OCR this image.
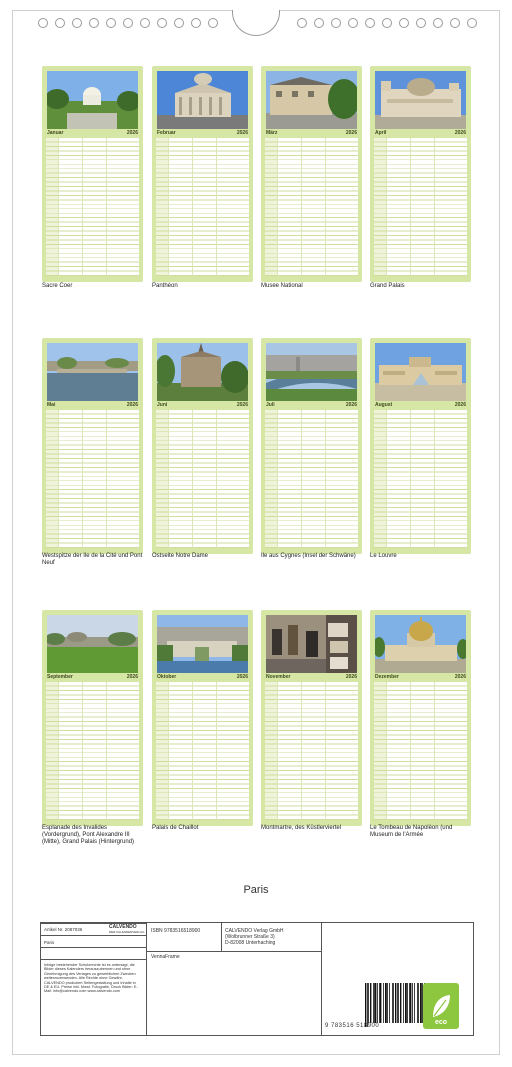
Januar	2026
Sacre Coer
Februar	2026
Panthéon
März	2026
Musee National
April	2026
Grand Palais
Mai	2026
Westspitze der Ile de la Cité und Pont Neuf
Juni	2026
Ostseite Notre Dame
Juli	2026
Ile aus Cygnes (Insel der Schwäne)
August	2026
Le Louvre
September	2026
Esplanade des Invalides (Vordergrund), Pont Alexandre III (Mitte), Grand Palais (Hintergrund)
Oktober	2026
Palais de Chaillot
November	2026
Montmartre, des Küstlerviertel
Dezember	2026
Le Tombeau de Napolèon (und Museum de l'Armée
Paris
Artikel Nr. 2087036	CALVENDO
DER KALENDERVERLAG
Paris
Infolge bestehender Schutzrechte ist es untersagt, die Bilder dieses Kalenders herauszutrennen und ohne Genehmigung des Verlages zu gewerblichen Zwecken weiterzuverwenden. Alle Rechte ohne Gewähr. CALVENDO produziert Seitengestaltung und Inhalte in DE & EU. Preise inkl. Mwst. Fotografie, Druck Bilder: E-Mail: info@calvendo.com www.calvendo.com
ISBN 9783516518900
VennaFrame
CALVENDO Verlag GmbH
(Wolbrunner Straße 3)
D-82008 Unterhaching
9 783516 518900	eco
